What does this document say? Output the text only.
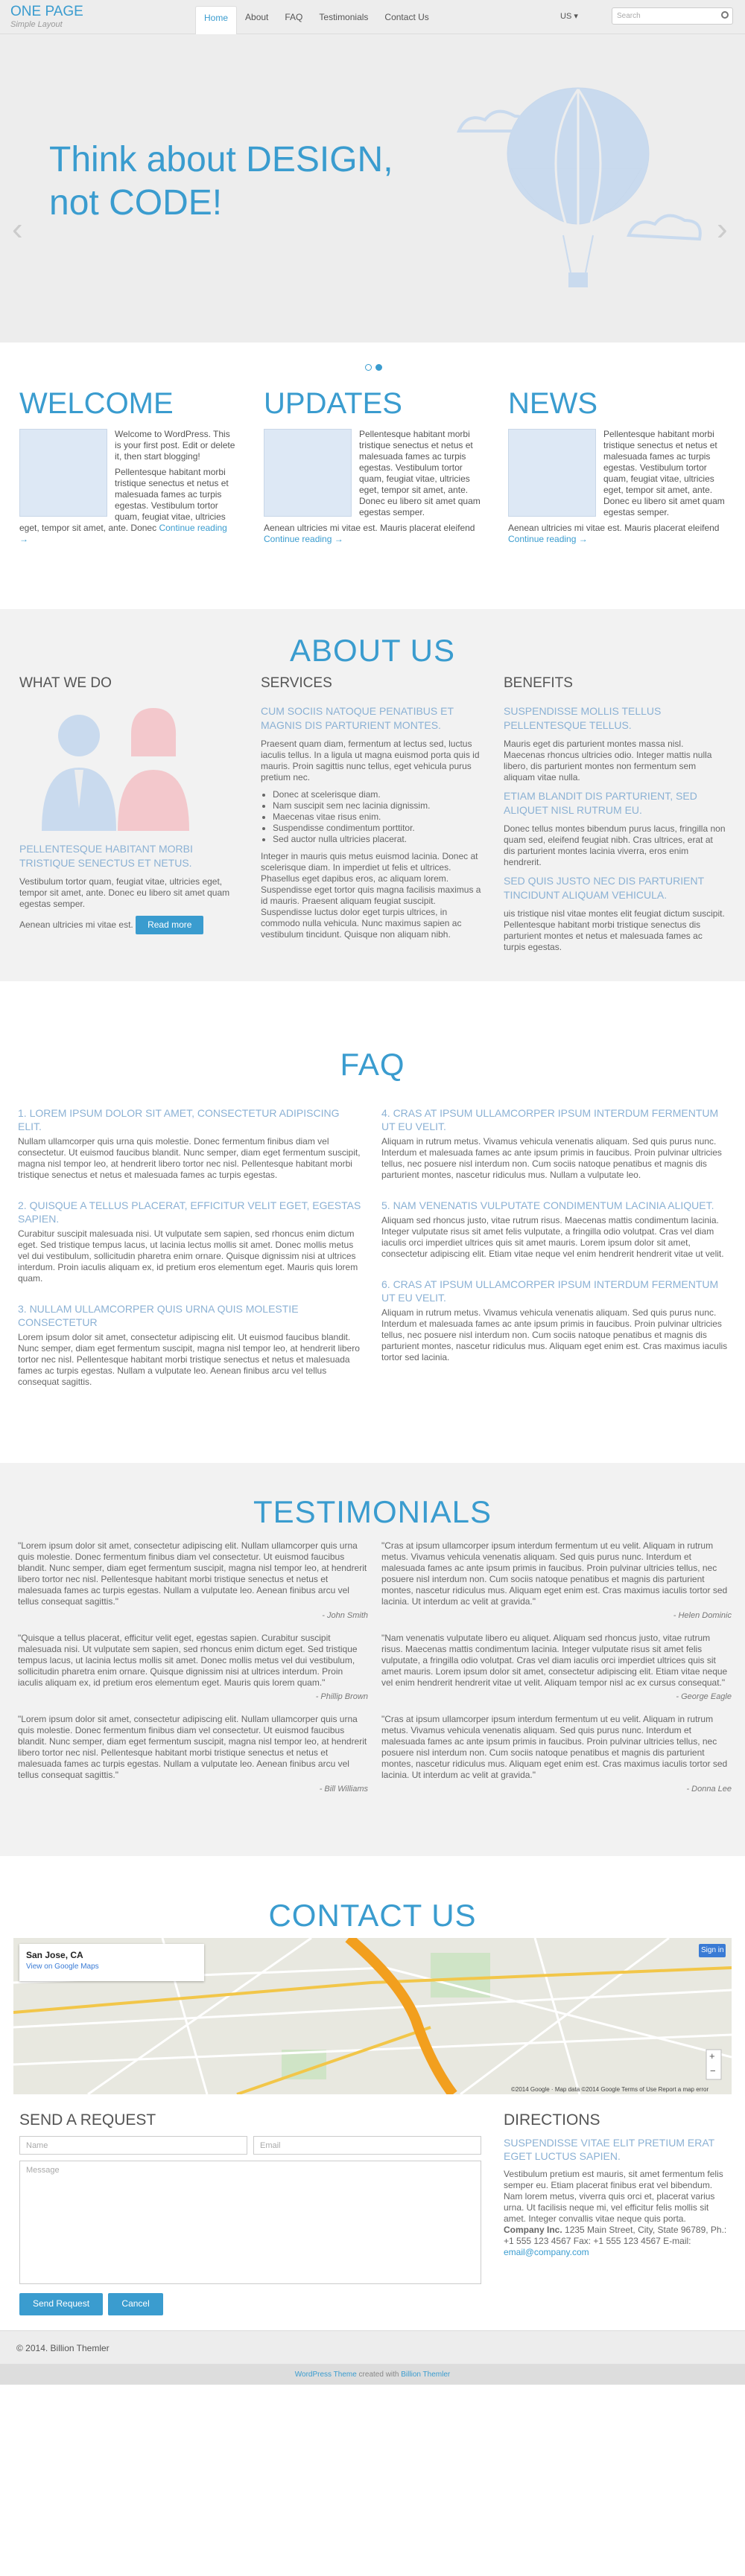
ONE PAGE
Simple Layout
Home	About	FAQ	Testimonials	Contact Us	US ▾	Search
‹
Think about DESIGN,
not CODE!
›
WELCOME

Welcome to WordPress. This is your first post. Edit or delete it, then start blogging!

Pellentesque habitant morbi tristique senectus et netus et malesuada fames ac turpis egestas. Vestibulum tortor quam, feugiat vitae, ultricies eget, tempor sit amet, ante. Donec Continue reading →

UPDATES

Pellentesque habitant morbi tristique senectus et netus et malesuada fames ac turpis egestas. Vestibulum tortor quam, feugiat vitae, ultricies eget, tempor sit amet, ante. Donec eu libero sit amet quam egestas semper.

Aenean ultricies mi vitae est. Mauris placerat eleifend Continue reading →

NEWS

Pellentesque habitant morbi tristique senectus et netus et malesuada fames ac turpis egestas. Vestibulum tortor quam, feugiat vitae, ultricies eget, tempor sit amet, ante. Donec eu libero sit amet quam egestas semper.

Aenean ultricies mi vitae est. Mauris placerat eleifend Continue reading →

ABOUT US
WHAT WE DO
PELLENTESQUE HABITANT MORBI TRISTIQUE SENECTUS ET NETUS.

Vestibulum tortor quam, feugiat vitae, ultricies eget, tempor sit amet, ante. Donec eu libero sit amet quam egestas semper.

Aenean ultricies mi vitae est. Read more

SERVICES
CUM SOCIIS NATOQUE PENATIBUS ET MAGNIS DIS PARTURIENT MONTES.

Praesent quam diam, fermentum at lectus sed, luctus iaculis tellus. In a ligula ut magna euismod porta quis id mauris. Proin sagittis nunc tellus, eget vehicula purus pretium nec.

• Donec at scelerisque diam.
• Nam suscipit sem nec lacinia dignissim.
• Maecenas vitae risus enim.
• Suspendisse condimentum porttitor.
• Sed auctor nulla ultricies placerat.

Integer in mauris quis metus euismod lacinia. Donec at scelerisque diam. In imperdiet ut felis et ultrices. Phasellus eget dapibus eros, ac aliquam lorem. Suspendisse eget tortor quis magna facilisis maximus a id mauris. Praesent aliquam feugiat suscipit. Suspendisse luctus dolor eget turpis ultrices, in commodo nulla vehicula. Nunc maximus sapien ac vestibulum tincidunt. Quisque non aliquam nibh.

BENEFITS
SUSPENDISSE MOLLIS TELLUS PELLENTESQUE TELLUS.

Mauris eget dis parturient montes massa nisl. Maecenas rhoncus ultricies odio. Integer mattis nulla libero, dis parturient montes non fermentum sem aliquam vitae nulla.

ETIAM BLANDIT DIS PARTURIENT, SED ALIQUET NISL RUTRUM EU.

Donec tellus montes bibendum purus lacus, fringilla non quam sed, eleifend feugiat nibh. Cras ultrices, erat at dis parturient montes lacinia viverra, eros enim hendrerit.

SED QUIS JUSTO NEC DIS PARTURIENT TINCIDUNT ALIQUAM VEHICULA.

uis tristique nisl vitae montes elit feugiat dictum suscipit. Pellentesque habitant morbi tristique senectus dis parturient montes et netus et malesuada fames ac turpis egestas.

FAQ
1. LOREM IPSUM DOLOR SIT AMET, CONSECTETUR ADIPISCING ELIT.

Nullam ullamcorper quis urna quis molestie. Donec fermentum finibus diam vel consectetur. Ut euismod faucibus blandit. Nunc semper, diam eget fermentum suscipit, magna nisl tempor leo, at hendrerit libero tortor nec nisl. Pellentesque habitant morbi tristique senectus et netus et malesuada fames ac turpis egestas.

2. QUISQUE A TELLUS PLACERAT, EFFICITUR VELIT EGET, EGESTAS SAPIEN.

Curabitur suscipit malesuada nisi. Ut vulputate sem sapien, sed rhoncus enim dictum eget. Sed tristique tempus lacus, ut lacinia lectus mollis sit amet. Donec mollis metus vel dui vestibulum, sollicitudin pharetra enim ornare. Quisque dignissim nisi at ultrices interdum. Proin iaculis aliquam ex, id pretium eros elementum eget. Mauris quis lorem quam.

3. NULLAM ULLAMCORPER QUIS URNA QUIS MOLESTIE CONSECTETUR

Lorem ipsum dolor sit amet, consectetur adipiscing elit. Ut euismod faucibus blandit. Nunc semper, diam eget fermentum suscipit, magna nisl tempor leo, at hendrerit libero tortor nec nisl. Pellentesque habitant morbi tristique senectus et netus et malesuada fames ac turpis egestas. Nullam a vulputate leo. Aenean finibus arcu vel tellus consequat sagittis.

4. CRAS AT IPSUM ULLAMCORPER IPSUM INTERDUM FERMENTUM UT EU VELIT.

Aliquam in rutrum metus. Vivamus vehicula venenatis aliquam. Sed quis purus nunc. Interdum et malesuada fames ac ante ipsum primis in faucibus. Proin pulvinar ultricies tellus, nec posuere nisl interdum non. Cum sociis natoque penatibus et magnis dis parturient montes, nascetur ridiculus mus. Nullam a vulputate leo.

5. NAM VENENATIS VULPUTATE CONDIMENTUM LACINIA ALIQUET.

Aliquam sed rhoncus justo, vitae rutrum risus. Maecenas mattis condimentum lacinia. Integer vulputate risus sit amet felis vulputate, a fringilla odio volutpat. Cras vel diam iaculis orci imperdiet ultrices quis sit amet mauris. Lorem ipsum dolor sit amet, consectetur adipiscing elit. Etiam vitae neque vel enim hendrerit hendrerit vitae ut velit.

6. CRAS AT IPSUM ULLAMCORPER IPSUM INTERDUM FERMENTUM UT EU VELIT.

Aliquam in rutrum metus. Vivamus vehicula venenatis aliquam. Sed quis purus nunc. Interdum et malesuada fames ac ante ipsum primis in faucibus. Proin pulvinar ultricies tellus, nec posuere nisl interdum non. Cum sociis natoque penatibus et magnis dis parturient montes, nascetur ridiculus mus. Aliquam eget enim est. Cras maximus iaculis tortor sed lacinia.

TESTIMONIALS

"Lorem ipsum dolor sit amet, consectetur adipiscing elit. Nullam ullamcorper quis urna quis molestie. Donec fermentum finibus diam vel consectetur. Ut euismod faucibus blandit. Nunc semper, diam eget fermentum suscipit, magna nisl tempor leo, at hendrerit libero tortor nec nisl. Pellentesque habitant morbi tristique senectus et netus et malesuada fames ac turpis egestas. Nullam a vulputate leo. Aenean finibus arcu vel tellus consequat sagittis."

- John Smith

"Quisque a tellus placerat, efficitur velit eget, egestas sapien. Curabitur suscipit malesuada nisi. Ut vulputate sem sapien, sed rhoncus enim dictum eget. Sed tristique tempus lacus, ut lacinia lectus mollis sit amet. Donec mollis metus vel dui vestibulum, sollicitudin pharetra enim ornare. Quisque dignissim nisi at ultrices interdum. Proin iaculis aliquam ex, id pretium eros elementum eget. Mauris quis lorem quam."

- Phillip Brown

"Lorem ipsum dolor sit amet, consectetur adipiscing elit. Nullam ullamcorper quis urna quis molestie. Donec fermentum finibus diam vel consectetur. Ut euismod faucibus blandit. Nunc semper, diam eget fermentum suscipit, magna nisl tempor leo, at hendrerit libero tortor nec nisl. Pellentesque habitant morbi tristique senectus et netus et malesuada fames ac turpis egestas. Nullam a vulputate leo. Aenean finibus arcu vel tellus consequat sagittis."

- Bill Williams

"Cras at ipsum ullamcorper ipsum interdum fermentum ut eu velit. Aliquam in rutrum metus. Vivamus vehicula venenatis aliquam. Sed quis purus nunc. Interdum et malesuada fames ac ante ipsum primis in faucibus. Proin pulvinar ultricies tellus, nec posuere nisl interdum non. Cum sociis natoque penatibus et magnis dis parturient montes, nascetur ridiculus mus. Aliquam eget enim est. Cras maximus iaculis tortor sed lacinia. Ut interdum ac velit at gravida."

- Helen Dominic

"Nam venenatis vulputate libero eu aliquet. Aliquam sed rhoncus justo, vitae rutrum risus. Maecenas mattis condimentum lacinia. Integer vulputate risus sit amet felis vulputate, a fringilla odio volutpat. Cras vel diam iaculis orci imperdiet ultrices quis sit amet mauris. Lorem ipsum dolor sit amet, consectetur adipiscing elit. Etiam vitae neque vel enim hendrerit hendrerit vitae ut velit. Aliquam tempor nisl ac ex cursus consequat."

- George Eagle

"Cras at ipsum ullamcorper ipsum interdum fermentum ut eu velit. Aliquam in rutrum metus. Vivamus vehicula venenatis aliquam. Sed quis purus nunc. Interdum et malesuada fames ac ante ipsum primis in faucibus. Proin pulvinar ultricies tellus, nec posuere nisl interdum non. Cum sociis natoque penatibus et magnis dis parturient montes, nascetur ridiculus mus. Aliquam eget enim est. Cras maximus iaculis tortor sed lacinia. Ut interdum ac velit at gravida."

- Donna Lee
CONTACT US
San Jose, CA
View on Google Maps
Sign in
+
−
©2014 Google · Map data ©2014 Google Terms of Use Report a map error
SEND A REQUEST
Name	Email
Message
Send Request	Cancel
DIRECTIONS
SUSPENDISSE VITAE ELIT PRETIUM ERAT EGET LUCTUS SAPIEN.

Vestibulum pretium est mauris, sit amet fermentum felis semper eu. Etiam placerat finibus erat vel bibendum. Nam lorem metus, viverra quis orci et, placerat varius urna. Ut facilisis neque mi, vel efficitur felis mollis sit amet. Integer convallis vitae neque quis porta. Company Inc. 1235 Main Street, City, State 96789, Ph.: +1 555 123 4567 Fax: +1 555 123 4567 E-mail: email@company.com

© 2014. Billion Themler
WordPress Theme created with Billion Themler
